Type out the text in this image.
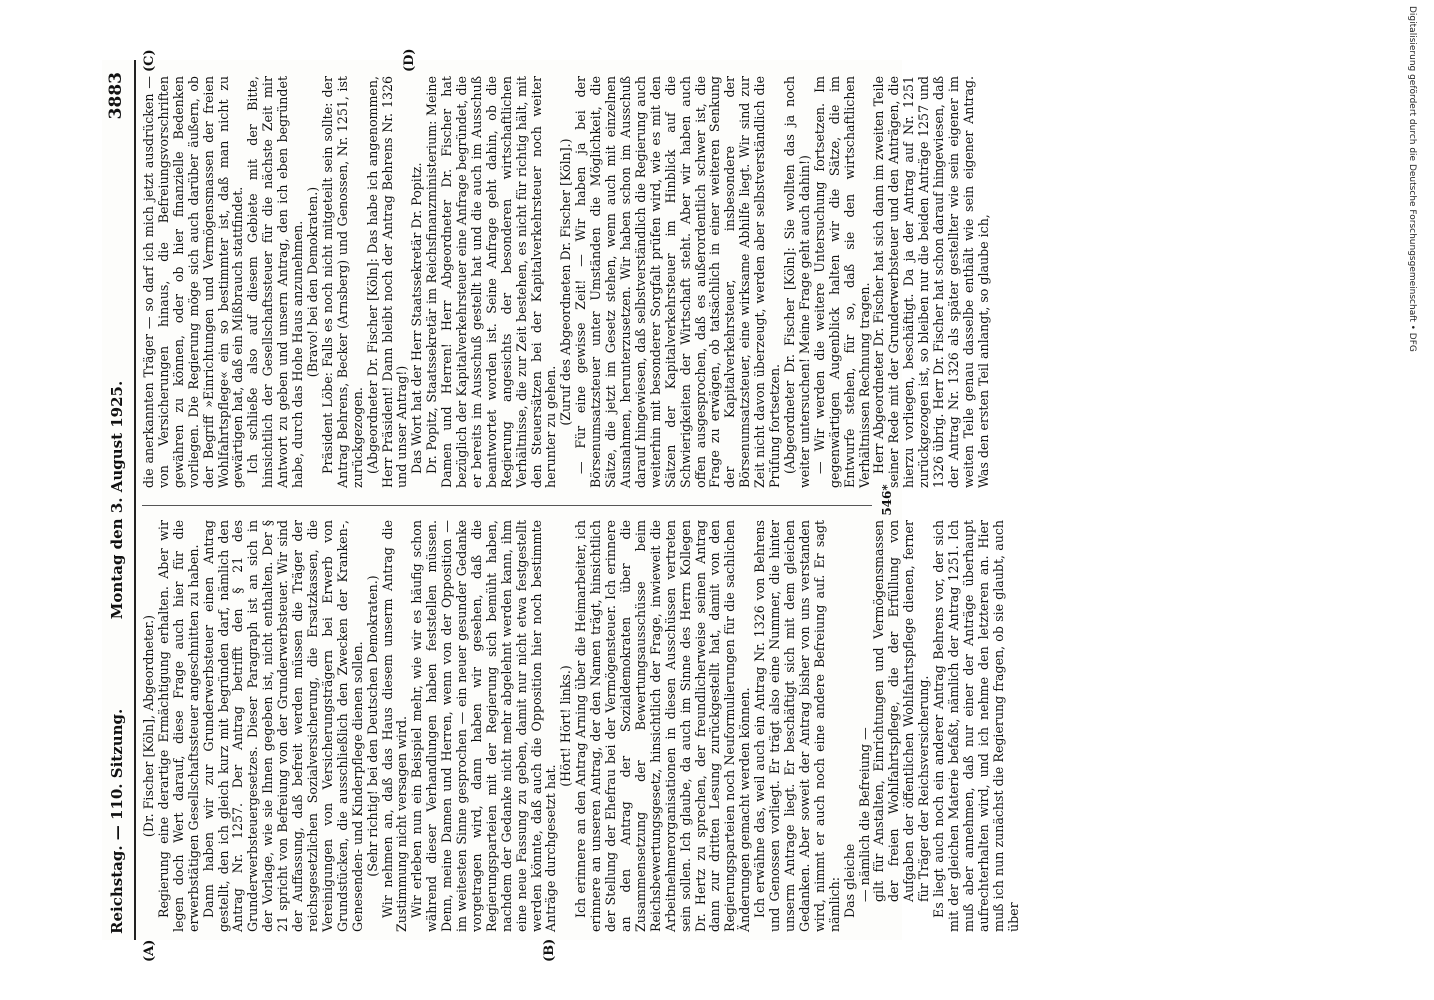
Reichstag. — 110. Sitzung.
Montag den 3. August 1925.
3883
(A)	(B)
(C)	(D)

(Dr. Fischer [Köln], Abgeordneter.) Regierung eine derartige Ermächtigung erhalten. Aber wir legen doch Wert darauf, diese Frage auch hier für die erwerbstätigen Gesellschaftssteuer angeschnitten zu haben. Dann haben wir zur Grunderwerbsteuer einen Antrag gestellt, den ich gleich kurz mit begründen darf, nämlich den Antrag Nr. 1257. Der Antrag betrifft den § 21 des Grunderwerbsteuergesetzes. Dieser Paragraph ist an sich in der Vorlage, wie sie Ihnen gegeben ist, nicht enthalten. Der § 21 spricht von Befreiung von der Grunderwerbsteuer. Wir sind der Auffassung, daß befreit werden müssen die Träger der reichsgesetzlichen Sozialversicherung, die Ersatzkassen, die Vereinigungen von Versicherungsträgern bei Erwerb von Grundstücken, die ausschließlich den Zwecken der Kranken-, Genesenden- und Kinderpflege dienen sollen. (Sehr richtig! bei den Deutschen Demokraten.) Wir nehmen an, daß das Haus diesem unserm Antrag die Zustimmung nicht versagen wird. Wir erleben nun ein Beispiel mehr, wie wir es häufig schon während dieser Verhandlungen haben feststellen müssen. Denn, meine Damen und Herren, wenn von der Opposition — im weitesten Sinne gesprochen — ein neuer gesunder Gedanke vorgetragen wird, dann haben wir gesehen, daß die Regierungsparteien mit der Regierung sich bemüht haben, nachdem der Gedanke nicht mehr abgelehnt werden kann, ihm eine neue Fassung zu geben, damit nur nicht etwa festgestellt werden könnte, daß auch die Opposition hier noch bestimmte Anträge durchgesetzt hat.

(Hört! Hört! links.) Ich erinnere an den Antrag Arning über die Heimarbeiter, ich erinnere an unseren Antrag, der den Namen trägt, hinsichtlich der Stellung der Ehefrau bei der Vermögensteuer. Ich erinnere an den Antrag der Sozialdemokraten über die Zusammensetzung der Bewertungsausschüsse beim Reichsbewertungsgesetz, hinsichtlich der Frage, inwieweit die Arbeitnehmerorganisationen in diesen Ausschüssen vertreten sein sollen. Ich glaube, da auch im Sinne des Herrn Kollegen Dr. Hertz zu sprechen, der freundlicherweise seinen Antrag dann zur dritten Lesung zurückgestellt hat, damit von den Regierungsparteien noch Neuformulierungen für die sachlichen Änderungen gemacht werden können. Ich erwähne das, weil auch ein Antrag Nr. 1326 von Behrens und Genossen vorliegt. Er trägt also eine Nummer, die hinter unserm Antrage liegt. Er beschäftigt sich mit dem gleichen Gedanken. Aber soweit der Antrag bisher von uns verstanden wird, nimmt er auch noch eine andere Befreiung auf. Er sagt nämlich: Das gleiche — nämlich die Befreiung — gilt für Anstalten, Einrichtungen und Vermögensmassen der freien Wohlfahrtspflege, die der Erfüllung von Aufgaben der öffentlichen Wohlfahrtspflege dienen, ferner für Träger der Reichsversicherung. Es liegt auch noch ein anderer Antrag Behrens vor, der sich mit der gleichen Materie befaßt, nämlich der Antrag 1251. Ich muß aber annehmen, daß nur einer der Anträge überhaupt aufrechterhalten wird, und ich nehme den letzteren an. Hier muß ich nun zunächst die Regierung fragen, ob sie glaubt, auch über

die anerkannten Träger — so darf ich mich jetzt ausdrücken — von Versicherungen hinaus, die Befreiungsvorschriften gewähren zu können, oder ob hier finanzielle Bedenken vorliegen. Die Regierung möge sich auch darüber äußern, ob der Begriff »Einrichtungen und Vermögensmassen der freien Wohlfahrtspflege« ein so bestimmter ist, daß man nicht zu gewärtigen hat, daß ein Mißbrauch stattfindet. Ich schließe also auf diesem Gebiete mit der Bitte, hinsichtlich der Gesellschaftssteuer für die nächste Zeit mir Antwort zu geben und unsern Antrag, den ich eben begründet habe, durch das Hohe Haus anzunehmen. (Bravo! bei den Demokraten.) Präsident Löbe: Falls es noch nicht mitgeteilt sein sollte: der Antrag Behrens, Becker (Arnsberg) und Genossen, Nr. 1251, ist zurückgezogen. (Abgeordneter Dr. Fischer [Köln]: Das habe ich angenommen, Herr Präsident! Dann bleibt noch der Antrag Behrens Nr. 1326 und unser Antrag!) Das Wort hat der Herr Staatssekretär Dr. Popitz. Dr. Popitz, Staatssekretär im Reichsfinanzministerium: Meine Damen und Herren! Herr Abgeordneter Dr. Fischer hat bezüglich der Kapitalverkehrsteuer eine Anfrage begründet, die er bereits im Ausschuß gestellt hat und die auch im Ausschuß beantwortet worden ist. Seine Anfrage geht dahin, ob die Regierung angesichts der besonderen wirtschaftlichen Verhältnisse, die zur Zeit bestehen, es nicht für richtig hält, mit den Steuersätzen bei der Kapitalverkehrsteuer noch weiter herunter zu gehen.

(Zuruf des Abgeordneten Dr. Fischer [Köln].) — Für eine gewisse Zeit! — Wir haben ja bei der Börsenumsatzsteuer unter Umständen die Möglichkeit, die Sätze, die jetzt im Gesetz stehen, wenn auch mit einzelnen Ausnahmen, herunterzusetzen. Wir haben schon im Ausschuß darauf hingewiesen, daß selbstverständlich die Regierung auch weiterhin mit besonderer Sorgfalt prüfen wird, wie es mit den Sätzen der Kapitalverkehrsteuer im Hinblick auf die Schwierigkeiten der Wirtschaft steht. Aber wir haben auch offen ausgesprochen, daß es außerordentlich schwer ist, die Frage zu erwägen, ob tatsächlich in einer weiteren Senkung der Kapitalverkehrsteuer, insbesondere der Börsenumsatzsteuer, eine wirksame Abhilfe liegt. Wir sind zur Zeit nicht davon überzeugt, werden aber selbstverständlich die Prüfung fortsetzen. (Abgeordneter Dr. Fischer [Köln]: Sie wollten das ja noch weiter untersuchen! Meine Frage geht auch dahin!) — Wir werden die weitere Untersuchung fortsetzen. Im gegenwärtigen Augenblick halten wir die Sätze, die im Entwurfe stehen, für so, daß sie den wirtschaftlichen Verhältnissen Rechnung tragen. Herr Abgeordneter Dr. Fischer hat sich dann im zweiten Teile seiner Rede mit der Grunderwerbsteuer und den Anträgen, die hierzu vorliegen, beschäftigt. Da ja der Antrag auf Nr. 1251 zurückgezogen ist, so bleiben nur die beiden Anträge 1257 und 1326 übrig. Herr Dr. Fischer hat schon darauf hingewiesen, daß der Antrag Nr. 1326 als später gestellter wie sein eigener im weiten Teile genau dasselbe enthält wie sein eigener Antrag. Was den ersten Teil anlangt, so glaube ich,

546*
Digitalisierung gefördert durch die Deutsche Forschungsgemeinschaft • DFG
